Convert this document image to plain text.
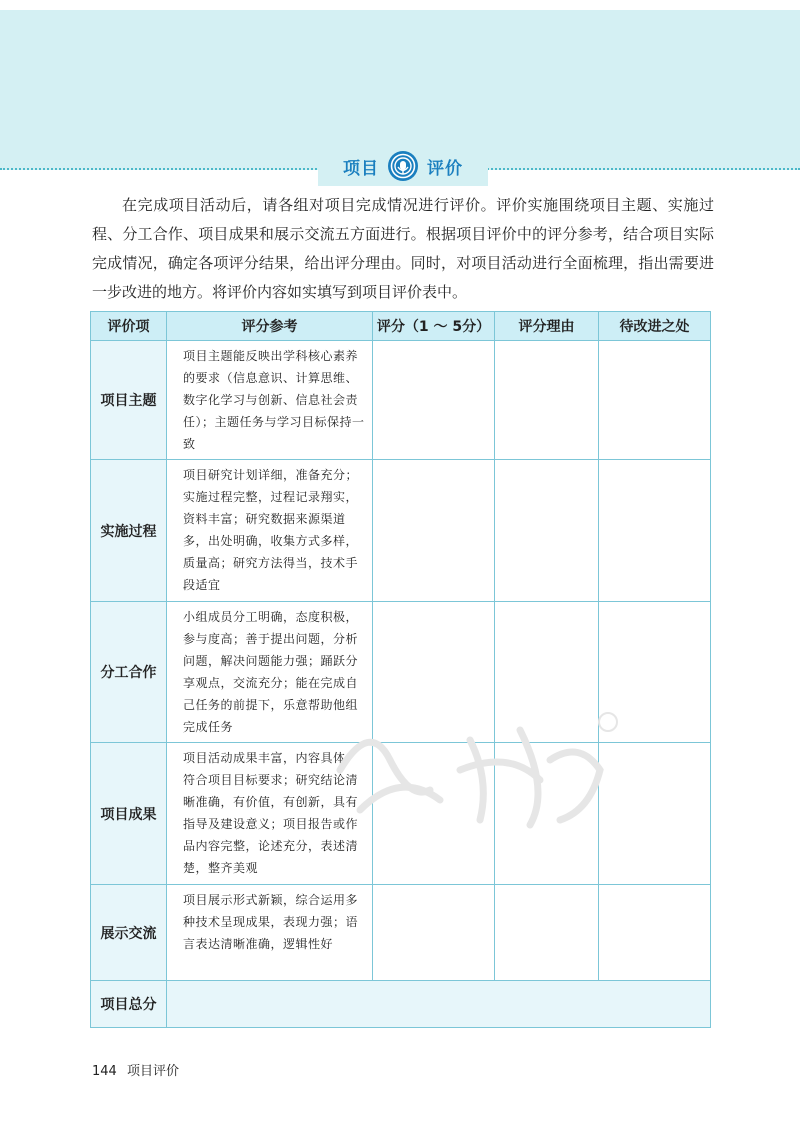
项目	评价

在完成项目活动后，请各组对项目完成情况进行评价。评价实施围绕项目主题、实施过程、分工合作、项目成果和展示交流五方面进行。根据项目评价中的评分参考，结合项目实际完成情况，确定各项评分结果，给出评分理由。同时，对项目活动进行全面梳理，指出需要进一步改进的地方。将评价内容如实填写到项目评价表中。

评价项	评分参考	评分（1 ～ 5分）	评分理由	待改进之处
项目主题	项目主题能反映出学科核心素养的要求（信息意识、计算思维、数字化学习与创新、信息社会责任）；主题任务与学习目标保持一致			
实施过程	项目研究计划详细，准备充分；实施过程完整，过程记录翔实，资料丰富；研究数据来源渠道多，出处明确，收集方式多样，质量高；研究方法得当，技术手段适宜			
分工合作	小组成员分工明确，态度积极，参与度高；善于提出问题，分析问题，解决问题能力强；踊跃分享观点，交流充分；能在完成自己任务的前提下，乐意帮助他组完成任务			
项目成果	项目活动成果丰富，内容具体，符合项目目标要求；研究结论清晰准确，有价值，有创新，具有指导及建设意义；项目报告或作品内容完整，论述充分，表述清楚，整齐美观			
展示交流	项目展示形式新颖，综合运用多种技术呈现成果，表现力强；语言表达清晰准确，逻辑性好			
项目总分				
144 项目评价
